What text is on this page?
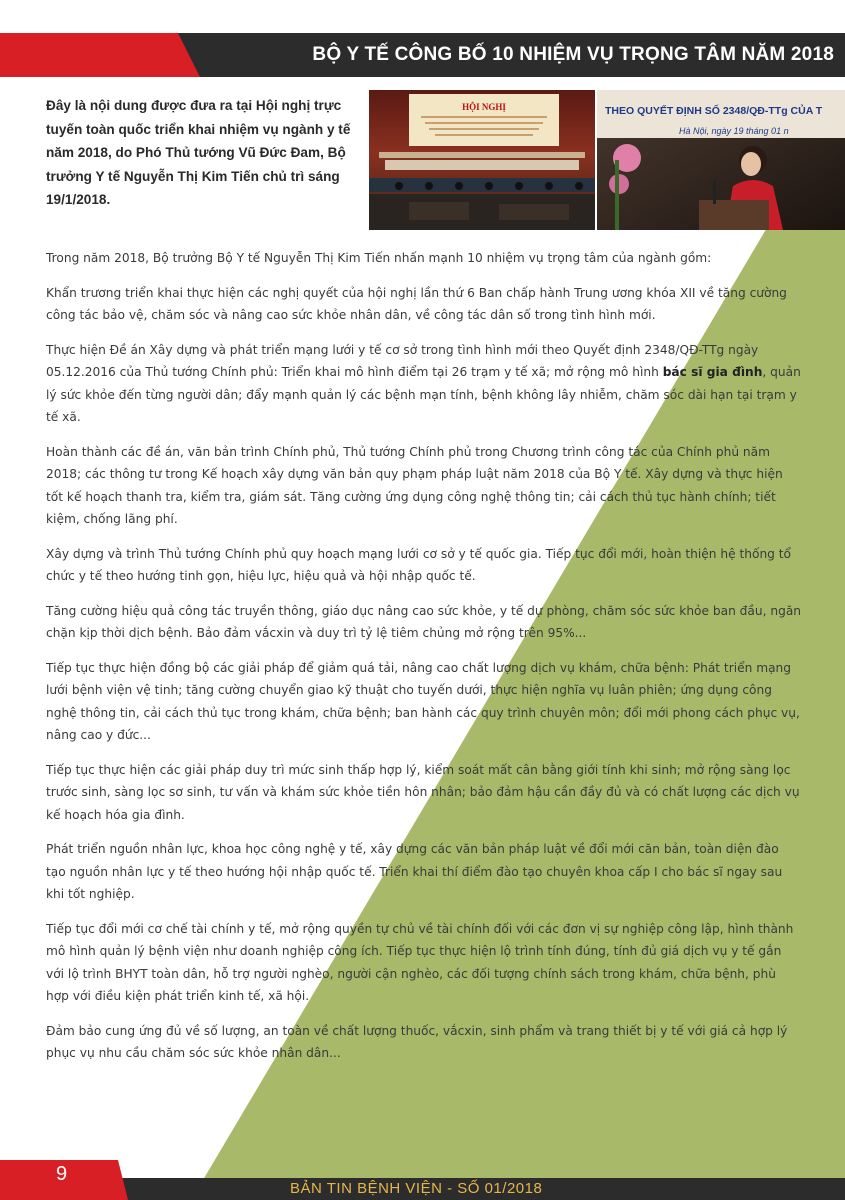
BỘ Y TẾ CÔNG BỐ 10 NHIỆM VỤ TRỌNG TÂM NĂM 2018
Đây là nội dung được đưa ra tại Hội nghị trực tuyến toàn quốc triển khai nhiệm vụ ngành y tế năm 2018, do Phó Thủ tướng Vũ Đức Đam, Bộ trưởng Y tế Nguyễn Thị Kim Tiến chủ trì sáng 19/1/2018.
HỘI NGHỊ	THEO QUYẾT ĐỊNH SỐ 2348/QĐ-TTg CỦA T
Hà Nội, ngày 19 tháng 01 n

Trong năm 2018, Bộ trưởng Bộ Y tế Nguyễn Thị Kim Tiến nhấn mạnh 10 nhiệm vụ trọng tâm của ngành gồm:

Khẩn trương triển khai thực hiện các nghị quyết của hội nghị lần thứ 6 Ban chấp hành Trung ương khóa XII về tăng cường công tác bảo vệ, chăm sóc và nâng cao sức khỏe nhân dân, về công tác dân số trong tình hình mới.

Thực hiện Đề án Xây dựng và phát triển mạng lưới y tế cơ sở trong tình hình mới theo Quyết định 2348/QĐ-TTg ngày 05.12.2016 của Thủ tướng Chính phủ: Triển khai mô hình điểm tại 26 trạm y tế xã; mở rộng mô hình bác sĩ gia đình, quản lý sức khỏe đến từng người dân; đẩy mạnh quản lý các bệnh mạn tính, bệnh không lây nhiễm, chăm sóc dài hạn tại trạm y tế xã.

Hoàn thành các đề án, văn bản trình Chính phủ, Thủ tướng Chính phủ trong Chương trình công tác của Chính phủ năm 2018; các thông tư trong Kế hoạch xây dựng văn bản quy phạm pháp luật năm 2018 của Bộ Y tế. Xây dựng và thực hiện tốt kế hoạch thanh tra, kiểm tra, giám sát. Tăng cường ứng dụng công nghệ thông tin; cải cách thủ tục hành chính; tiết kiệm, chống lãng phí.

Xây dựng và trình Thủ tướng Chính phủ quy hoạch mạng lưới cơ sở y tế quốc gia. Tiếp tục đổi mới, hoàn thiện hệ thống tổ chức y tế theo hướng tinh gọn, hiệu lực, hiệu quả và hội nhập quốc tế.

Tăng cường hiệu quả công tác truyền thông, giáo dục nâng cao sức khỏe, y tế dự phòng, chăm sóc sức khỏe ban đầu, ngăn chặn kịp thời dịch bệnh. Bảo đảm vắcxin và duy trì tỷ lệ tiêm chủng mở rộng trên 95%...

Tiếp tục thực hiện đồng bộ các giải pháp để giảm quá tải, nâng cao chất lượng dịch vụ khám, chữa bệnh: Phát triển mạng lưới bệnh viện vệ tinh; tăng cường chuyển giao kỹ thuật cho tuyến dưới, thực hiện nghĩa vụ luân phiên; ứng dụng công nghệ thông tin, cải cách thủ tục trong khám, chữa bệnh; ban hành các quy trình chuyên môn; đổi mới phong cách phục vụ, nâng cao y đức...

Tiếp tục thực hiện các giải pháp duy trì mức sinh thấp hợp lý, kiểm soát mất cân bằng giới tính khi sinh; mở rộng sàng lọc trước sinh, sàng lọc sơ sinh, tư vấn và khám sức khỏe tiền hôn nhân; bảo đảm hậu cần đầy đủ và có chất lượng các dịch vụ kế hoạch hóa gia đình.

Phát triển nguồn nhân lực, khoa học công nghệ y tế, xây dựng các văn bản pháp luật về đổi mới căn bản, toàn diện đào tạo nguồn nhân lực y tế theo hướng hội nhập quốc tế. Triển khai thí điểm đào tạo chuyên khoa cấp I cho bác sĩ ngay sau khi tốt nghiệp.

Tiếp tục đổi mới cơ chế tài chính y tế, mở rộng quyền tự chủ về tài chính đối với các đơn vị sự nghiệp công lập, hình thành mô hình quản lý bệnh viện như doanh nghiệp công ích. Tiếp tục thực hiện lộ trình tính đúng, tính đủ giá dịch vụ y tế gắn với lộ trình BHYT toàn dân, hỗ trợ người nghèo, người cận nghèo, các đối tượng chính sách trong khám, chữa bệnh, phù hợp với điều kiện phát triển kinh tế, xã hội.

Đảm bảo cung ứng đủ về số lượng, an toàn về chất lượng thuốc, vắcxin, sinh phẩm và trang thiết bị y tế với giá cả hợp lý phục vụ nhu cầu chăm sóc sức khỏe nhân dân...

9
BẢN TIN BỆNH VIỆN - SỐ 01/2018
